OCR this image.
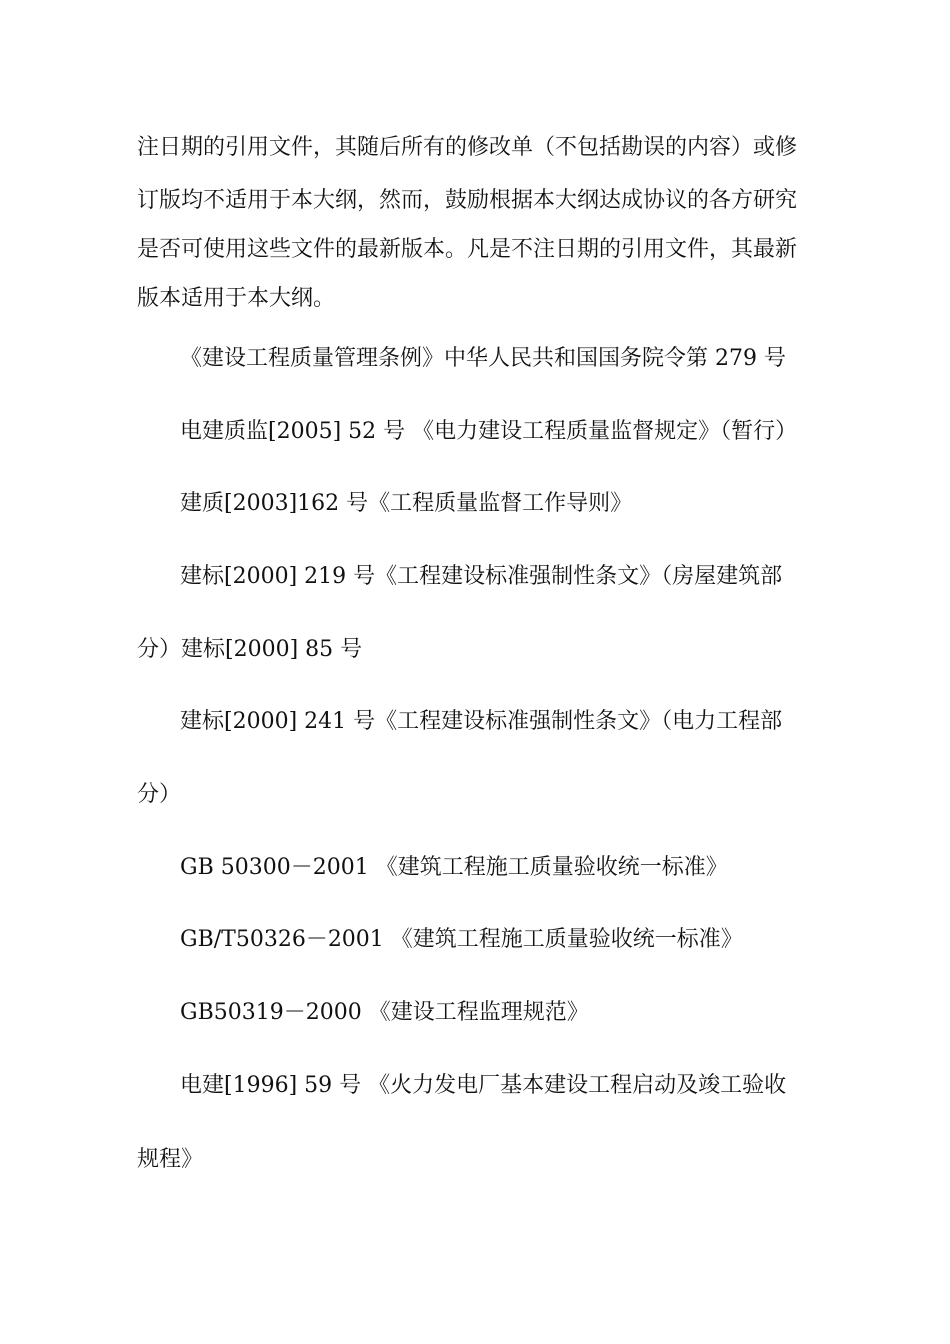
注日期的引用文件，其随后所有的修改单（不包括勘误的内容）或修
订版均不适用于本大纲，然而，鼓励根据本大纲达成协议的各方研究
是否可使用这些文件的最新版本。凡是不注日期的引用文件，其最新
版本适用于本大纲。
《建设工程质量管理条例》中华人民共和国国务院令第 279 号
电建质监[2005] 52 号 《电力建设工程质量监督规定》（暂行）
建质[2003]162 号《工程质量监督工作导则》
建标[2000] 219 号《工程建设标准强制性条文》（房屋建筑部
分）建标[2000] 85 号
建标[2000] 241 号《工程建设标准强制性条文》（电力工程部
分）
GB 50300－2001 《建筑工程施工质量验收统一标准》
GB/T50326－2001 《建筑工程施工质量验收统一标准》
GB50319－2000 《建设工程监理规范》
电建[1996] 59 号 《火力发电厂基本建设工程启动及竣工验收
规程》
